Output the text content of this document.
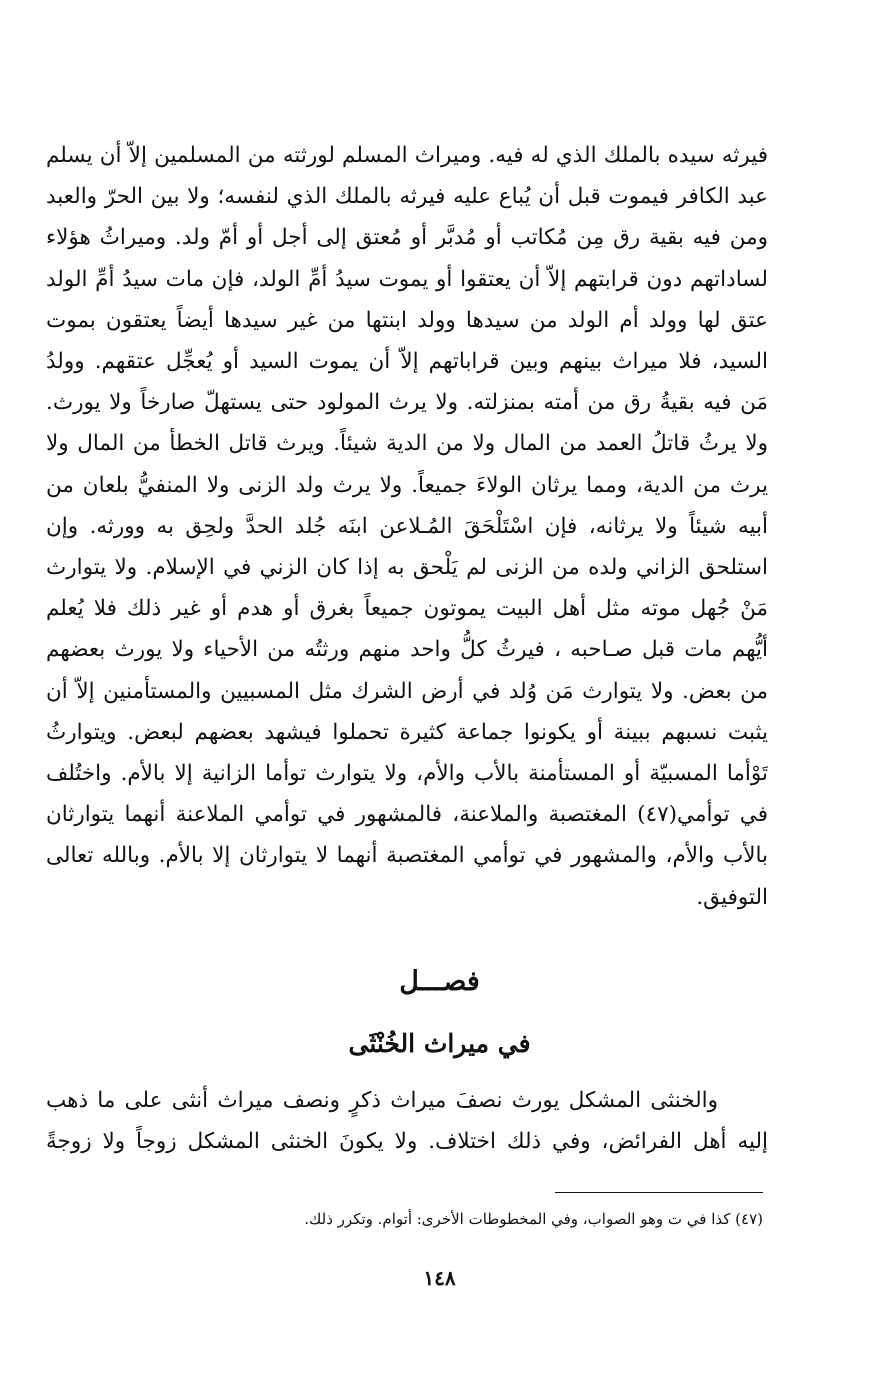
فيرثه سيده بالملك الذي له فيه. وميراث المسلم لورثته من المسلمين إلاّ أن يسلم
عبد الكافر فيموت قبل أن يُباع عليه فيرثه بالملك الذي لنفسه؛ ولا بين الحرّ والعبد
ومن فيه بقية رق مِن مُكاتب أو مُدبَّر أو مُعتق إلى أجل أو أمّ ولد. وميراثُ هؤلاء
لساداتهم دون قرابتهم إلاّ أن يعتقوا أو يموت سيدُ أمِّ الولد، فإن مات سيدُ أمِّ الولد
عتق لها وولد أم الولد من سيدها وولد ابنتها من غير سيدها أيضاً يعتقون بموت
السيد، فلا ميراث بينهم وبين قراباتهم إلاّ أن يموت السيد أو يُعجِّل عتقهم. وولدُ
مَن فيه بقيةُ رق من أمته بمنزلته. ولا يرث المولود حتى يستهلّ صارخاً ولا يورث.
ولا يرثُ قاتلُ العمد من المال ولا من الدية شيئاً. ويرث قاتل الخطأ من المال ولا
يرث من الدية، ومما يرثان الولاءَ جميعاً. ولا يرث ولد الزنى ولا المنفيُّ بلعان من
أبيه شيئاً ولا يرثانه، فإن اسْتَلْحَقَ المُـلاعن ابنَه جُلد الحدَّ ولحِق به وورثه. وإن
استلحق الزاني ولده من الزنى لم يَلْحق به إذا كان الزني في الإسلام. ولا يتوارث
مَنْ جُهل موته مثل أهل البيت يموتون جميعاً بغرق أو هدم أو غير ذلك فلا يُعلم
أيُّهم مات قبل صـاحبه ، فيرثُ كلُّ واحد منهم ورثتُه من الأحياء ولا يورث بعضهم
من بعض. ولا يتوارث مَن وُلد في أرض الشرك مثل المسبيين والمستأمنين إلاّ أن
يثبت نسبهم ببينة أو يكونوا جماعة كثيرة تحملوا فيشهد بعضهم لبعض. ويتوارثُ
تَوْأما المسبيّة أو المستأمنة بالأب والأم، ولا يتوارث توأما الزانية إلا بالأم. واختُلف
في توأمي(٤٧) المغتصبة والملاعنة، فالمشهور في توأمي الملاعنة أنهما يتوارثان
بالأب والأم، والمشهور في توأمي المغتصبة أنهما لا يتوارثان إلا بالأم. وبالله تعالى
التوفيق.
فصـــل
في ميراث الخُنْثَى
والخنثى المشكل يورث نصفَ ميراث ذكرٍ ونصف ميراث أنثى على ما ذهب
إليه أهل الفرائض، وفي ذلك اختلاف. ولا يكونَ الخنثى المشكل زوجاً ولا زوجةً
(٤٧) كذا في ت وهو الصواب، وفي المخطوطات الأخرى: أتوام. وتكرر ذلك.
١٤٨
